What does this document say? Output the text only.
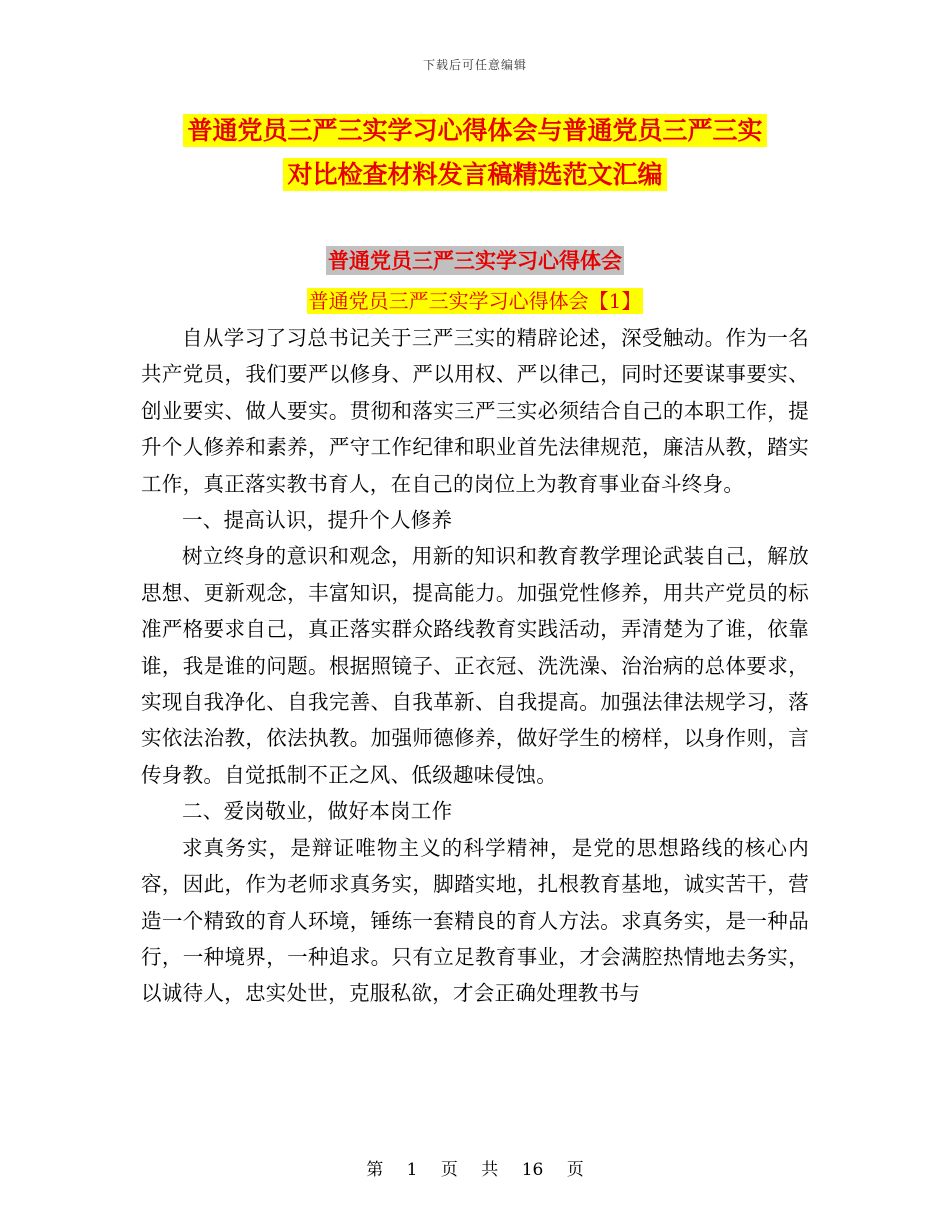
下载后可任意编辑
普通党员三严三实学习心得体会与普通党员三严三实
对比检查材料发言稿精选范文汇编
普通党员三严三实学习心得体会
普通党员三严三实学习心得体会【1】

自从学习了习总书记关于三严三实的精辟论述，深受触动。作为一名共产党员，我们要严以修身、严以用权、严以律己，同时还要谋事要实、创业要实、做人要实。贯彻和落实三严三实必须结合自己的本职工作，提升个人修养和素养，严守工作纪律和职业首先法律规范，廉洁从教，踏实工作，真正落实教书育人，在自己的岗位上为教育事业奋斗终身。

一、提高认识，提升个人修养

树立终身的意识和观念，用新的知识和教育教学理论武装自己，解放思想、更新观念，丰富知识，提高能力。加强党性修养，用共产党员的标准严格要求自己，真正落实群众路线教育实践活动，弄清楚为了谁，依靠谁，我是谁的问题。根据照镜子、正衣冠、洗洗澡、治治病的总体要求，实现自我净化、自我完善、自我革新、自我提高。加强法律法规学习，落实依法治教，依法执教。加强师德修养，做好学生的榜样，以身作则，言传身教。自觉抵制不正之风、低级趣味侵蚀。

二、爱岗敬业，做好本岗工作

求真务实，是辩证唯物主义的科学精神，是党的思想路线的核心内容，因此，作为老师求真务实，脚踏实地，扎根教育基地，诚实苦干，营造一个精致的育人环境，锤练一套精良的育人方法。求真务实，是一种品行，一种境界，一种追求。只有立足教育事业，才会满腔热情地去务实，以诚待人，忠实处世，克服私欲，才会正确处理教书与

第 1 页 共 16 页
